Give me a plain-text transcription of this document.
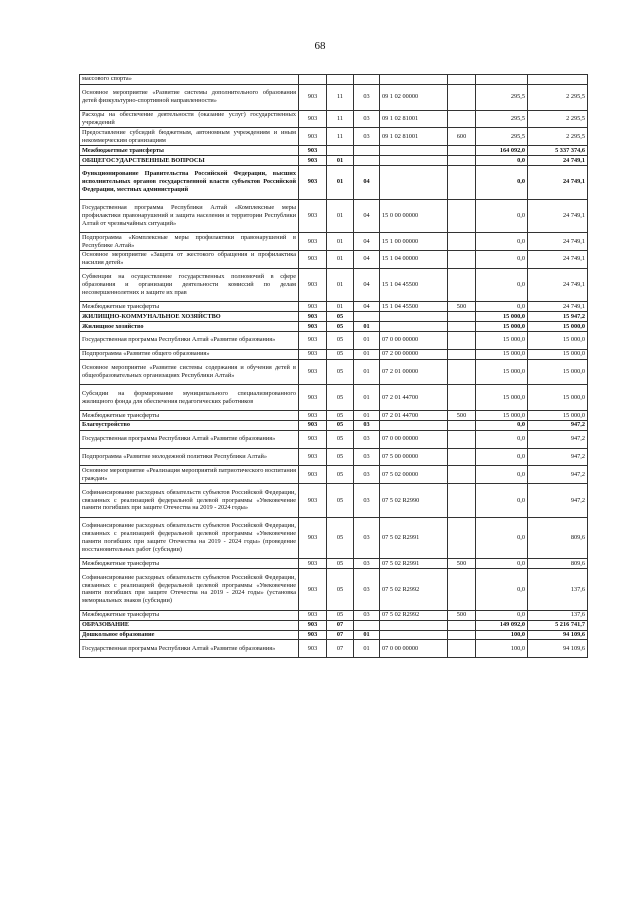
68
массового спорта»							
Основное мероприятие «Развитие системы дополнительного образования детей физкультурно-спортивной направленности»	903	11	03	09 1 02 00000		295,5	2 295,5
Расходы на обеспечение деятельности (оказание услуг) государственных учреждений	903	11	03	09 1 02 81001		295,5	2 295,5
Предоставление субсидий бюджетным, автономным учреждениям и иным некоммерческим организациям	903	11	03	09 1 02 81001	600	295,5	2 295,5
Межбюджетные трансферты	903					164 092,0	5 337 374,6
ОБЩЕГОСУДАРСТВЕННЫЕ ВОПРОСЫ	903	01				0,0	24 749,1
Функционирование Правительства Российской Федерации, высших исполнительных органов государственной власти субъектов Российской Федерации, местных администраций	903	01	04			0,0	24 749,1
Государственная программа Республики Алтай «Комплексные меры профилактики правонарушений и защита населения и территории Республики Алтай от чрезвычайных ситуаций»	903	01	04	15 0 00 00000		0,0	24 749,1
Подпрограмма «Комплексные меры профилактики правонарушений в Республике Алтай»	903	01	04	15 1 00 00000		0,0	24 749,1
Основное мероприятие «Защита от жестокого обращения и профилактика насилия детей»	903	01	04	15 1 04 00000		0,0	24 749,1
Субвенции на осуществление государственных полномочий в сфере образования и организации деятельности комиссий по делам несовершеннолетних и защите их прав	903	01	04	15 1 04 45500		0,0	24 749,1
Межбюджетные трансферты	903	01	04	15 1 04 45500	500	0,0	24 749,1
ЖИЛИЩНО-КОММУНАЛЬНОЕ ХОЗЯЙСТВО	903	05				15 000,0	15 947,2
Жилищное хозяйство	903	05	01			15 000,0	15 000,0
Государственная программа Республики Алтай «Развитие образования»	903	05	01	07 0 00 00000		15 000,0	15 000,0
Подпрограмма «Развитие общего образования»	903	05	01	07 2 00 00000		15 000,0	15 000,0
Основное мероприятие «Развитие системы содержания и обучения детей в общеобразовательных организациях Республики Алтай»	903	05	01	07 2 01 00000		15 000,0	15 000,0
Субсидии на формирование муниципального специализированного жилищного фонда для обеспечения педагогических работников	903	05	01	07 2 01 44700		15 000,0	15 000,0
Межбюджетные трансферты	903	05	01	07 2 01 44700	500	15 000,0	15 000,0
Благоустройство	903	05	03			0,0	947,2
Государственная программа Республики Алтай «Развитие образования»	903	05	03	07 0 00 00000		0,0	947,2
Подпрограмма «Развитие молодежной политики Республики Алтай»	903	05	03	07 5 00 00000		0,0	947,2
Основное мероприятие «Реализация мероприятий патриотического воспитания граждан»	903	05	03	07 5 02 00000		0,0	947,2
Софинансирование расходных обязательств субъектов Российской Федерации, связанных с реализацией федеральной целевой программы «Увековечение памяти погибших при защите Отечества на 2019 - 2024 годы»	903	05	03	07 5 02 R2990		0,0	947,2
Софинансирование расходных обязательств субъектов Российской Федерации, связанных с реализацией федеральной целевой программы «Увековечение памяти погибших при защите Отечества на 2019 - 2024 годы» (проведение восстановительных работ (субсидии)	903	05	03	07 5 02 R2991		0,0	809,6
Межбюджетные трансферты	903	05	03	07 5 02 R2991	500	0,0	809,6
Софинансирование расходных обязательств субъектов Российской Федерации, связанных с реализацией федеральной целевой программы «Увековечение памяти погибших при защите Отечества на 2019 - 2024 годы» (установка мемориальных знаков (субсидии)	903	05	03	07 5 02 R2992		0,0	137,6
Межбюджетные трансферты	903	05	03	07 5 02 R2992	500	0,0	137,6
ОБРАЗОВАНИЕ	903	07				149 092,0	5 216 741,7
Дошкольное образование	903	07	01			100,0	94 109,6
Государственная программа Республики Алтай «Развитие образования»	903	07	01	07 0 00 00000		100,0	94 109,6
